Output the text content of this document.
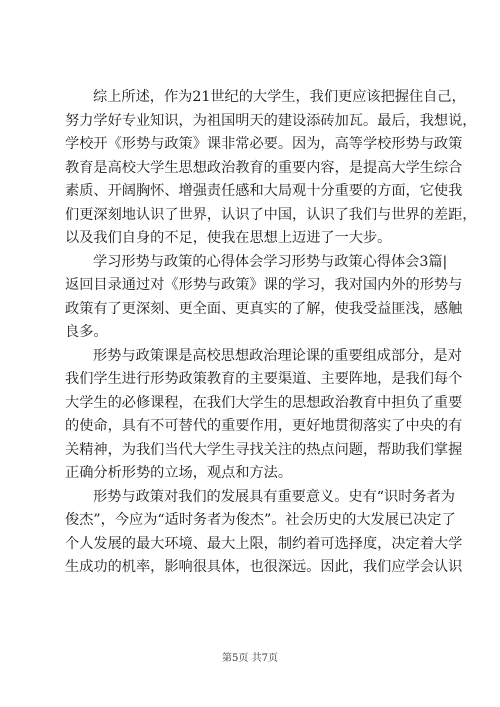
综上所述，作为21世纪的大学生，我们更应该把握住自己，
努力学好专业知识，为祖国明天的建设添砖加瓦。最后，我想说，
学校开《形势与政策》课非常必要。因为，高等学校形势与政策
教育是高校大学生思想政治教育的重要内容，是提高大学生综合
素质、开阔胸怀、增强责任感和大局观十分重要的方面，它使我
们更深刻地认识了世界，认识了中国，认识了我们与世界的差距，
以及我们自身的不足，使我在思想上迈进了一大步。
学习形势与政策的心得体会学习形势与政策心得体会3篇|
返回目录通过对《形势与政策》课的学习，我对国内外的形势与
政策有了更深刻、更全面、更真实的了解，使我受益匪浅，感触
良多。
形势与政策课是高校思想政治理论课的重要组成部分，是对
我们学生进行形势政策教育的主要渠道、主要阵地，是我们每个
大学生的必修课程，在我们大学生的思想政治教育中担负了重要
的使命，具有不可替代的重要作用，更好地贯彻落实了中央的有
关精神，为我们当代大学生寻找关注的热点问题，帮助我们掌握
正确分析形势的立场，观点和方法。
形势与政策对我们的发展具有重要意义。史有“识时务者为
俊杰”，今应为“适时务者为俊杰”。社会历史的大发展已决定了
个人发展的最大环境、最大上限，制约着可选择度，决定着大学
生成功的机率，影响很具体，也很深远。因此，我们应学会认识
第5页 共7页
